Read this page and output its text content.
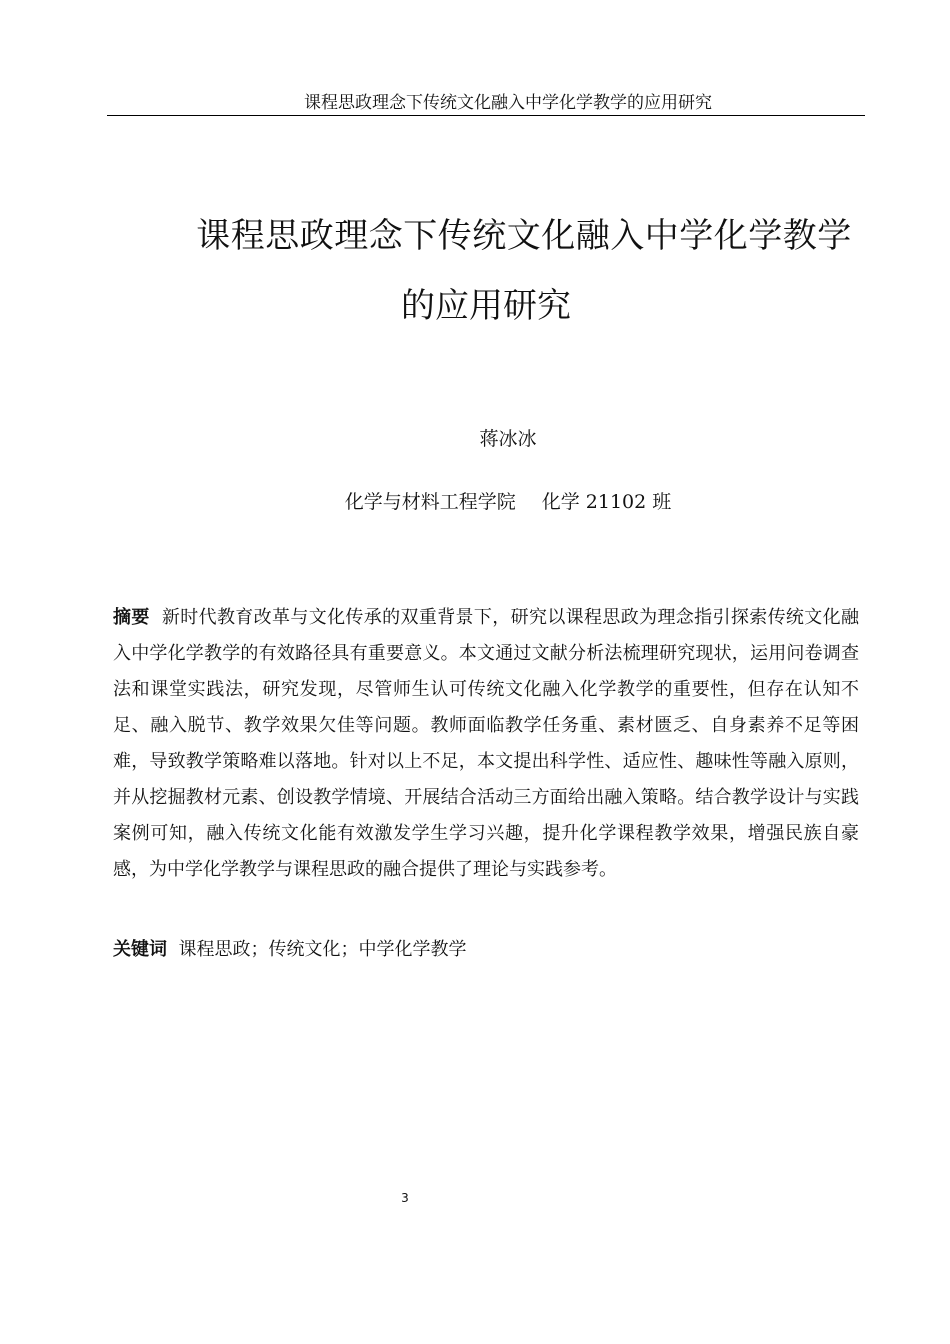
课程思政理念下传统文化融入中学化学教学的应用研究
课程思政理念下传统文化融入中学化学教学
的应用研究
蒋冰冰
化学与材料工程学院 化学 21102 班
摘要 新时代教育改革与文化传承的双重背景下，研究以课程思政为理念指引探索传统文化融入中学化学教学的有效路径具有重要意义。本文通过文献分析法梳理研究现状，运用问卷调查法和课堂实践法，研究发现，尽管师生认可传统文化融入化学教学的重要性，但存在认知不足、融入脱节、教学效果欠佳等问题。教师面临教学任务重、素材匮乏、自身素养不足等困难，导致教学策略难以落地。针对以上不足，本文提出科学性、适应性、趣味性等融入原则，并从挖掘教材元素、创设教学情境、开展结合活动三方面给出融入策略。结合教学设计与实践案例可知，融入传统文化能有效激发学生学习兴趣，提升化学课程教学效果，增强民族自豪感，为中学化学教学与课程思政的融合提供了理论与实践参考。
关键词 课程思政；传统文化；中学化学教学
3
